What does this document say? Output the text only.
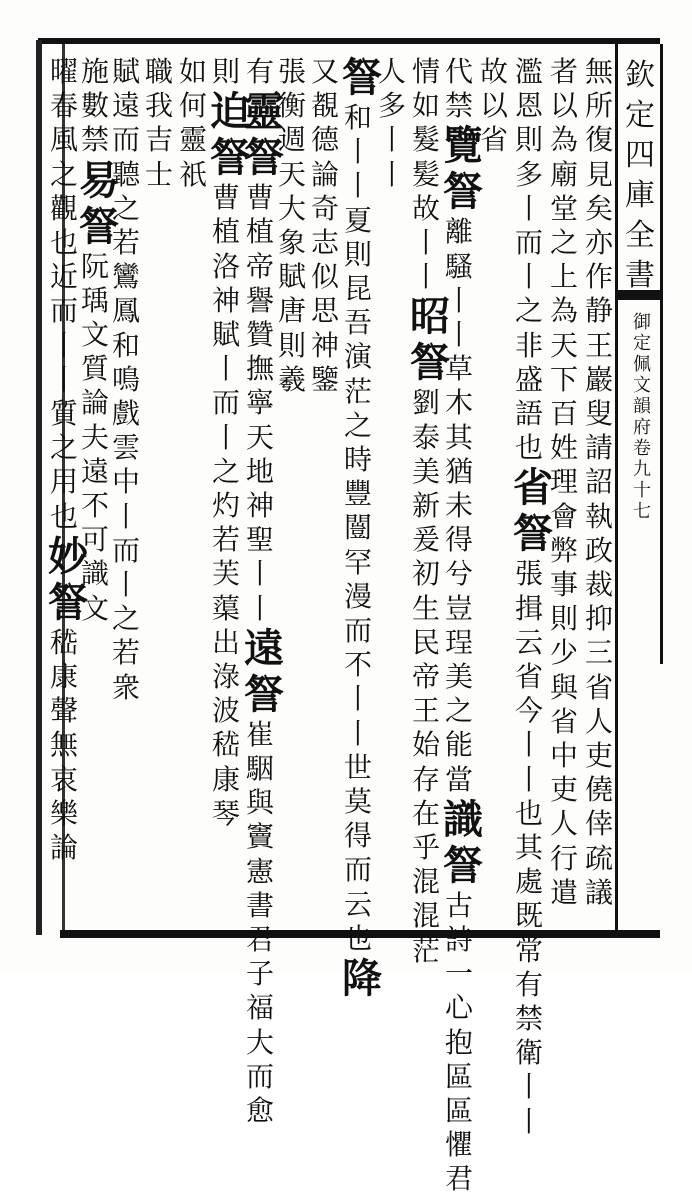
欽
定
四
庫
全
書
御
定
佩
文
韻
府
卷
九
十
七
無
所
復
見
矣
亦
作
静
王
巖
叟
請
詔
執
政
裁
抑
三
省
人
吏
僥
倖
疏
議
者
以
為
廟
堂
之
上
為
天
下
百
姓
理
會
弊
事
則
少
與
省
中
吏
人
行
遣
濫
恩
則
多
丨
而
丨
之
非
盛
語
也
省
詧
張
揖
云
省
今
丨
丨
也
其
處
既
常
有
禁
衛
丨
丨
故
以
省
代
禁
覽
詧
離
騷
丨
丨
草
木
其
猶
未
得
兮
豈
珵
美
之
能
當
識
詧
古
詩
一
心
抱
區
區
懼
君
情
如
髮
髪
故
丨
丨
昭
詧
劉
泰
美
新
爰
初
生
民
帝
王
始
存
在
乎
混
混
茫
人
多
丨
丨
詧
和
丨
丨
夏
則
昆
吾
演
茫
之
時
豐
闓
罕
漫
而
不
丨
丨
世
莫
得
而
云
也
降
又
覩
德
論
奇
志
似
思
神
鑒
張
衡
週
天
大
象
賦
唐
則
羲
有
靈
詧
曹
植
帝
譽
贊
撫
寧
天
地
神
聖
丨
丨
遠
詧
崔
駰
與
竇
憲
書
君
子
福
大
而
愈
則
迫
詧
曹
植
洛
神
賦
丨
而
丨
之
灼
若
芙
蕖
出
淥
波
嵇
康
琴
如
何
靈
祇
職
我
吉
士
賦
遠
而
聽
之
若
鸞
鳳
和
鳴
戲
雲
中
丨
而
丨
之
若
衆
施
數
禁
易
詧
阮
瑀
文
質
論
夫
遠
不
可
識
文
曜
春
風
之
觀
也
近
而
丨
丨
質
之
用
也
妙
詧
嵇
康
聲
無
哀
樂
論
